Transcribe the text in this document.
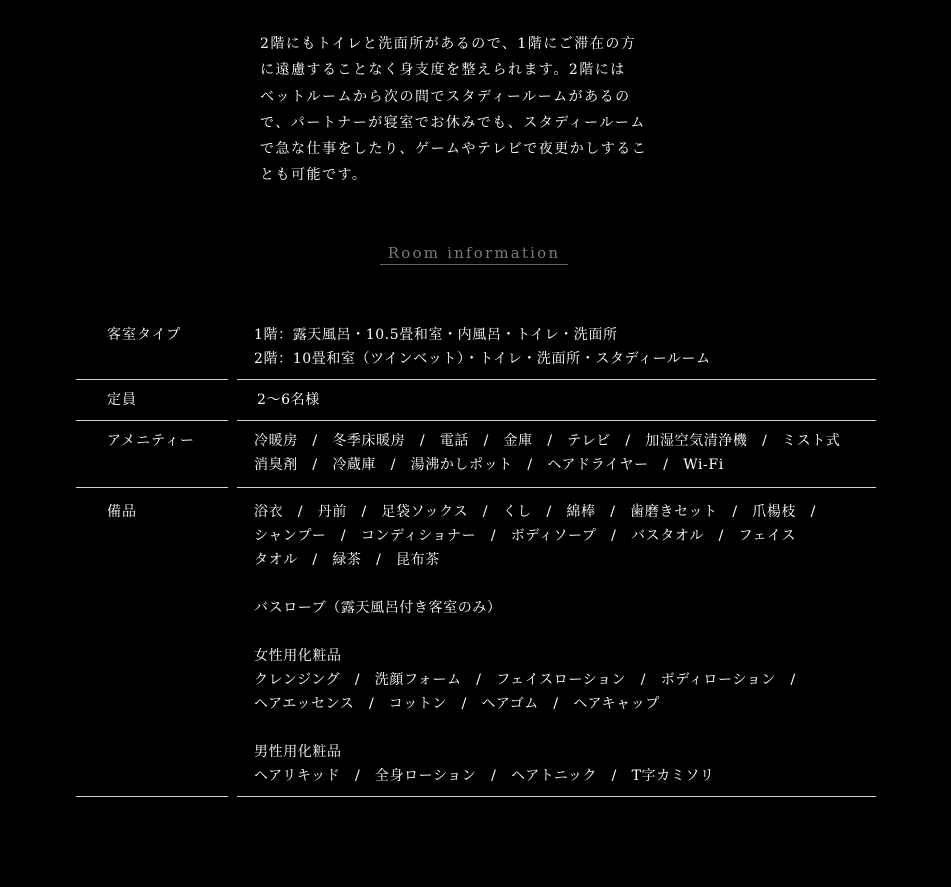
2階にもトイレと洗面所があるので、1階にご滞在の方

に遠慮することなく身支度を整えられます。2階には

ベットルームから次の間でスタディールームがあるの

で、パートナーが寝室でお休みでも、スタディールーム

で急な仕事をしたり、ゲームやテレビで夜更かしするこ

とも可能です。

Room information
客室タイプ	1階：露天風呂・10.5畳和室・内風呂・トイレ・洗面所
2階：10畳和室（ツインベット）・トイレ・洗面所・スタディールーム
定員	2〜6名様
アメニティー	冷暖房　/　冬季床暖房　/　電話　/　金庫　/　テレビ　/　加湿空気清浄機　/　ミスト式
消臭剤　/　冷蔵庫　/　湯沸かしポット　/　ヘアドライヤー　/　Wi-Fi
備品	浴衣　/　丹前　/　足袋ソックス　/　くし　/　綿棒　/　歯磨きセット　/　爪楊枝　/
シャンプー　/　コンディショナー　/　ボディソープ　/　バスタオル　/　フェイス
タオル　/　緑茶　/　昆布茶
バスローブ（露天風呂付き客室のみ）
女性用化粧品
クレンジング　/　洗顔フォーム　/　フェイスローション　/　ボディローション　/
ヘアエッセンス　/　コットン　/　ヘアゴム　/　ヘアキャップ
男性用化粧品
ヘアリキッド　/　全身ローション　/　ヘアトニック　/　T字カミソリ
